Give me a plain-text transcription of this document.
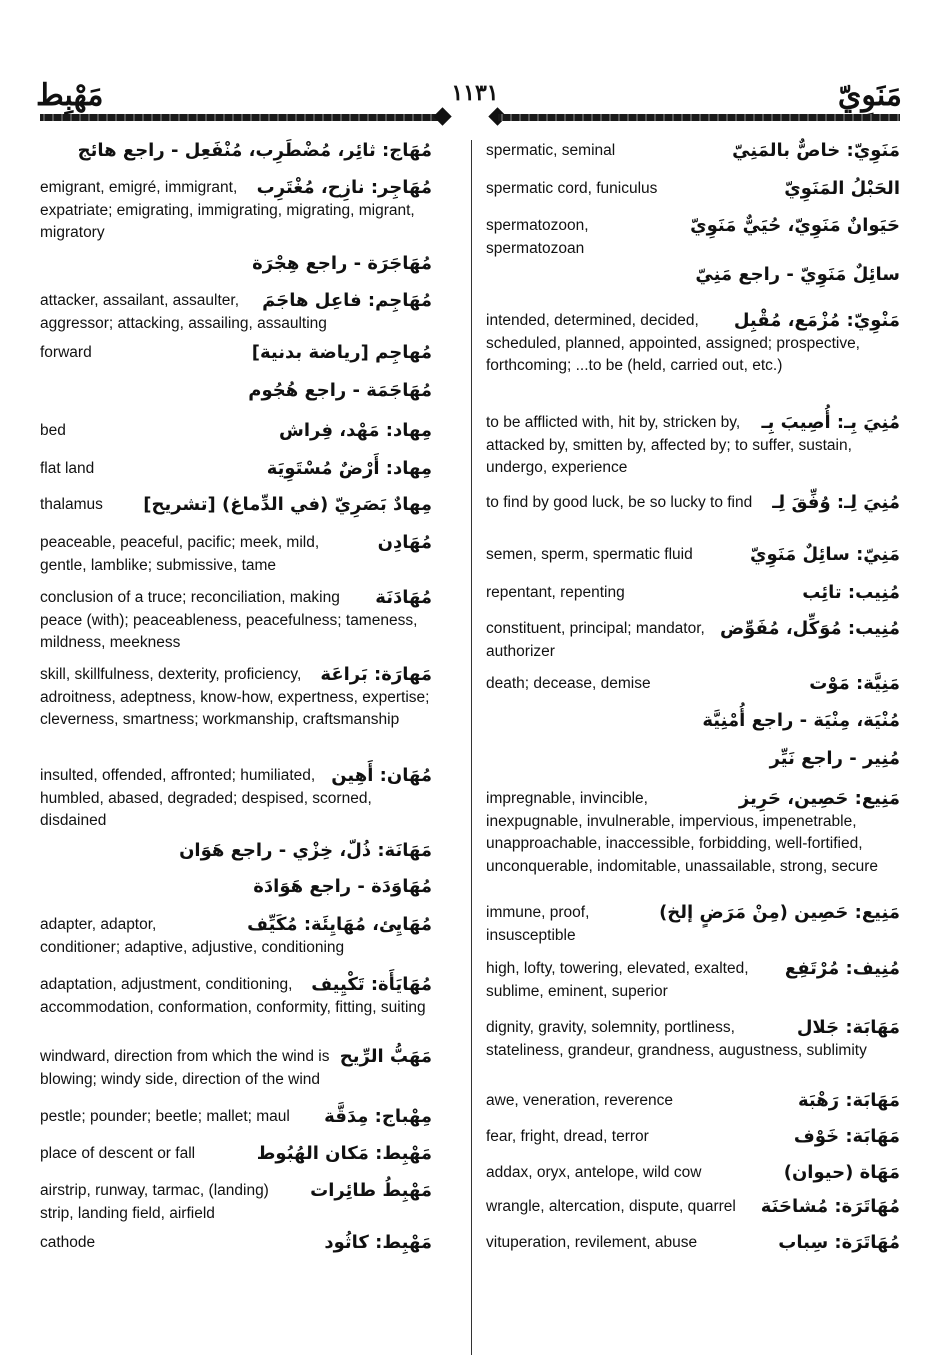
مَنَوِيّ
١١٣١
مَهْبِط
مُهَاج: ثائِر، مُضْطَرِب، مُنْفَعِل - راجع هائج
مُهَاجِر: نازِح، مُغْتَرِب
emigrant, emigré, immigrant, expatriate; emigrating, immigrating, migrating, migrant, migratory
مُهَاجَرَة - راجع هِجْرَة
مُهَاجِم: فاعِل هاجَمَ
attacker, assailant, assaulter, aggressor; attacking, assailing, assaulting
مُهاجِم [رياضة بدنية]
forward
مُهَاجَمَة - راجع هُجُوم
مِهاد: مَهْد، فِراش
bed
مِهاد: أَرْضٌ مُسْتَوِيَة
flat land
مِهادٌ بَصَرِيّ (في الدِّماغ) [تشريح]
thalamus
مُهَادِن
peaceable, peaceful, pacific; meek, mild, gentle, lamblike; submissive, tame
مُهَادَنَة
conclusion of a truce; reconciliation, making peace (with); peaceableness, peacefulness; tameness, mildness, meekness
مَهارَة: بَراعَة
skill, skillfulness, dexterity, proficiency, adroitness, adeptness, know-how, expertness, expertise; cleverness, smartness; workmanship, craftsmanship
مُهَان: أَهِين
insulted, offended, affronted; humiliated, humbled, abased, degraded; despised, scorned, disdained
مَهَانَة: ذُلّ، خِزْي - راجع هَوَان
مُهَاوَدَة - راجع هَوَادَة
مُهَايِئ، مُهَايِئَة: مُكَيِّف
adapter, adaptor, conditioner; adaptive, adjustive, conditioning
مُهَايَأَة: تَكْيِيف
adaptation, adjustment, conditioning, accommodation, conformation, conformity, fitting, suiting
مَهَبُّ الرِّيح
windward, direction from which the wind is blowing; windy side, direction of the wind
مِهْباج: مِدَقَّة
pestle; pounder; beetle; mallet; maul
مَهْبِط: مَكان الهُبُوط
place of descent or fall
مَهْبِطُ طائِرات
airstrip, runway, tarmac, (landing) strip, landing field, airfield
مَهْبِط: كاثُود
cathode
مَنَوِيّ: خاصٌّ بالمَنِيّ
spermatic, seminal
الحَبْلُ المَنَوِيّ
spermatic cord, funiculus
حَيَوانٌ مَنَوِيّ، حُيَيٌّ مَنَوِيّ
spermatozoon, spermatozoan
سائِلٌ مَنَوِيّ - راجع مَنِيّ
مَنْوِيّ: مُزْمَع، مُقْبِل
intended, determined, decided, scheduled, planned, appointed, assigned; prospective, forthcoming; ...to be (held, carried out, etc.)
مُنِيَ بِـ: أُصِيبَ بِـ
to be afflicted with, hit by, stricken by, attacked by, smitten by, affected by; to suffer, sustain, undergo, experience
مُنِيَ لِـ: وُفِّقَ لِـ
to find by good luck, be so lucky to find
مَنِيّ: سائِلٌ مَنَوِيّ
semen, sperm, spermatic fluid
مُنِيب: تائِب
repentant, repenting
مُنِيب: مُوَكِّل، مُفَوِّض
constituent, principal; mandator, authorizer
مَنِيَّة: مَوْت
death; decease, demise
مُنْيَة، مِنْيَة - راجع أُمْنِيَّة
مُنِير - راجع نَيِّر
مَنِيع: حَصِين، حَرِيز
impregnable, invincible, inexpugnable, invulnerable, impervious, impenetrable, unapproachable, inaccessible, forbidding, well-fortified, unconquerable, indomitable, unassailable, strong, secure
مَنِيع: حَصِين (مِنْ مَرَضٍ إلخ)
immune, proof, insusceptible
مُنِيف: مُرْتَفِع
high, lofty, towering, elevated, exalted, sublime, eminent, superior
مَهَابَة: جَلال
dignity, gravity, solemnity, portliness, stateliness, grandeur, grandness, augustness, sublimity
مَهَابَة: رَهْبَة
awe, veneration, reverence
مَهَابَة: خَوْف
fear, fright, dread, terror
مَهَاة (حيوان)
addax, oryx, antelope, wild cow
مُهَاتَرَة: مُشاحَنَة
wrangle, altercation, dispute, quarrel
مُهَاتَرَة: سِباب
vituperation, revilement, abuse
